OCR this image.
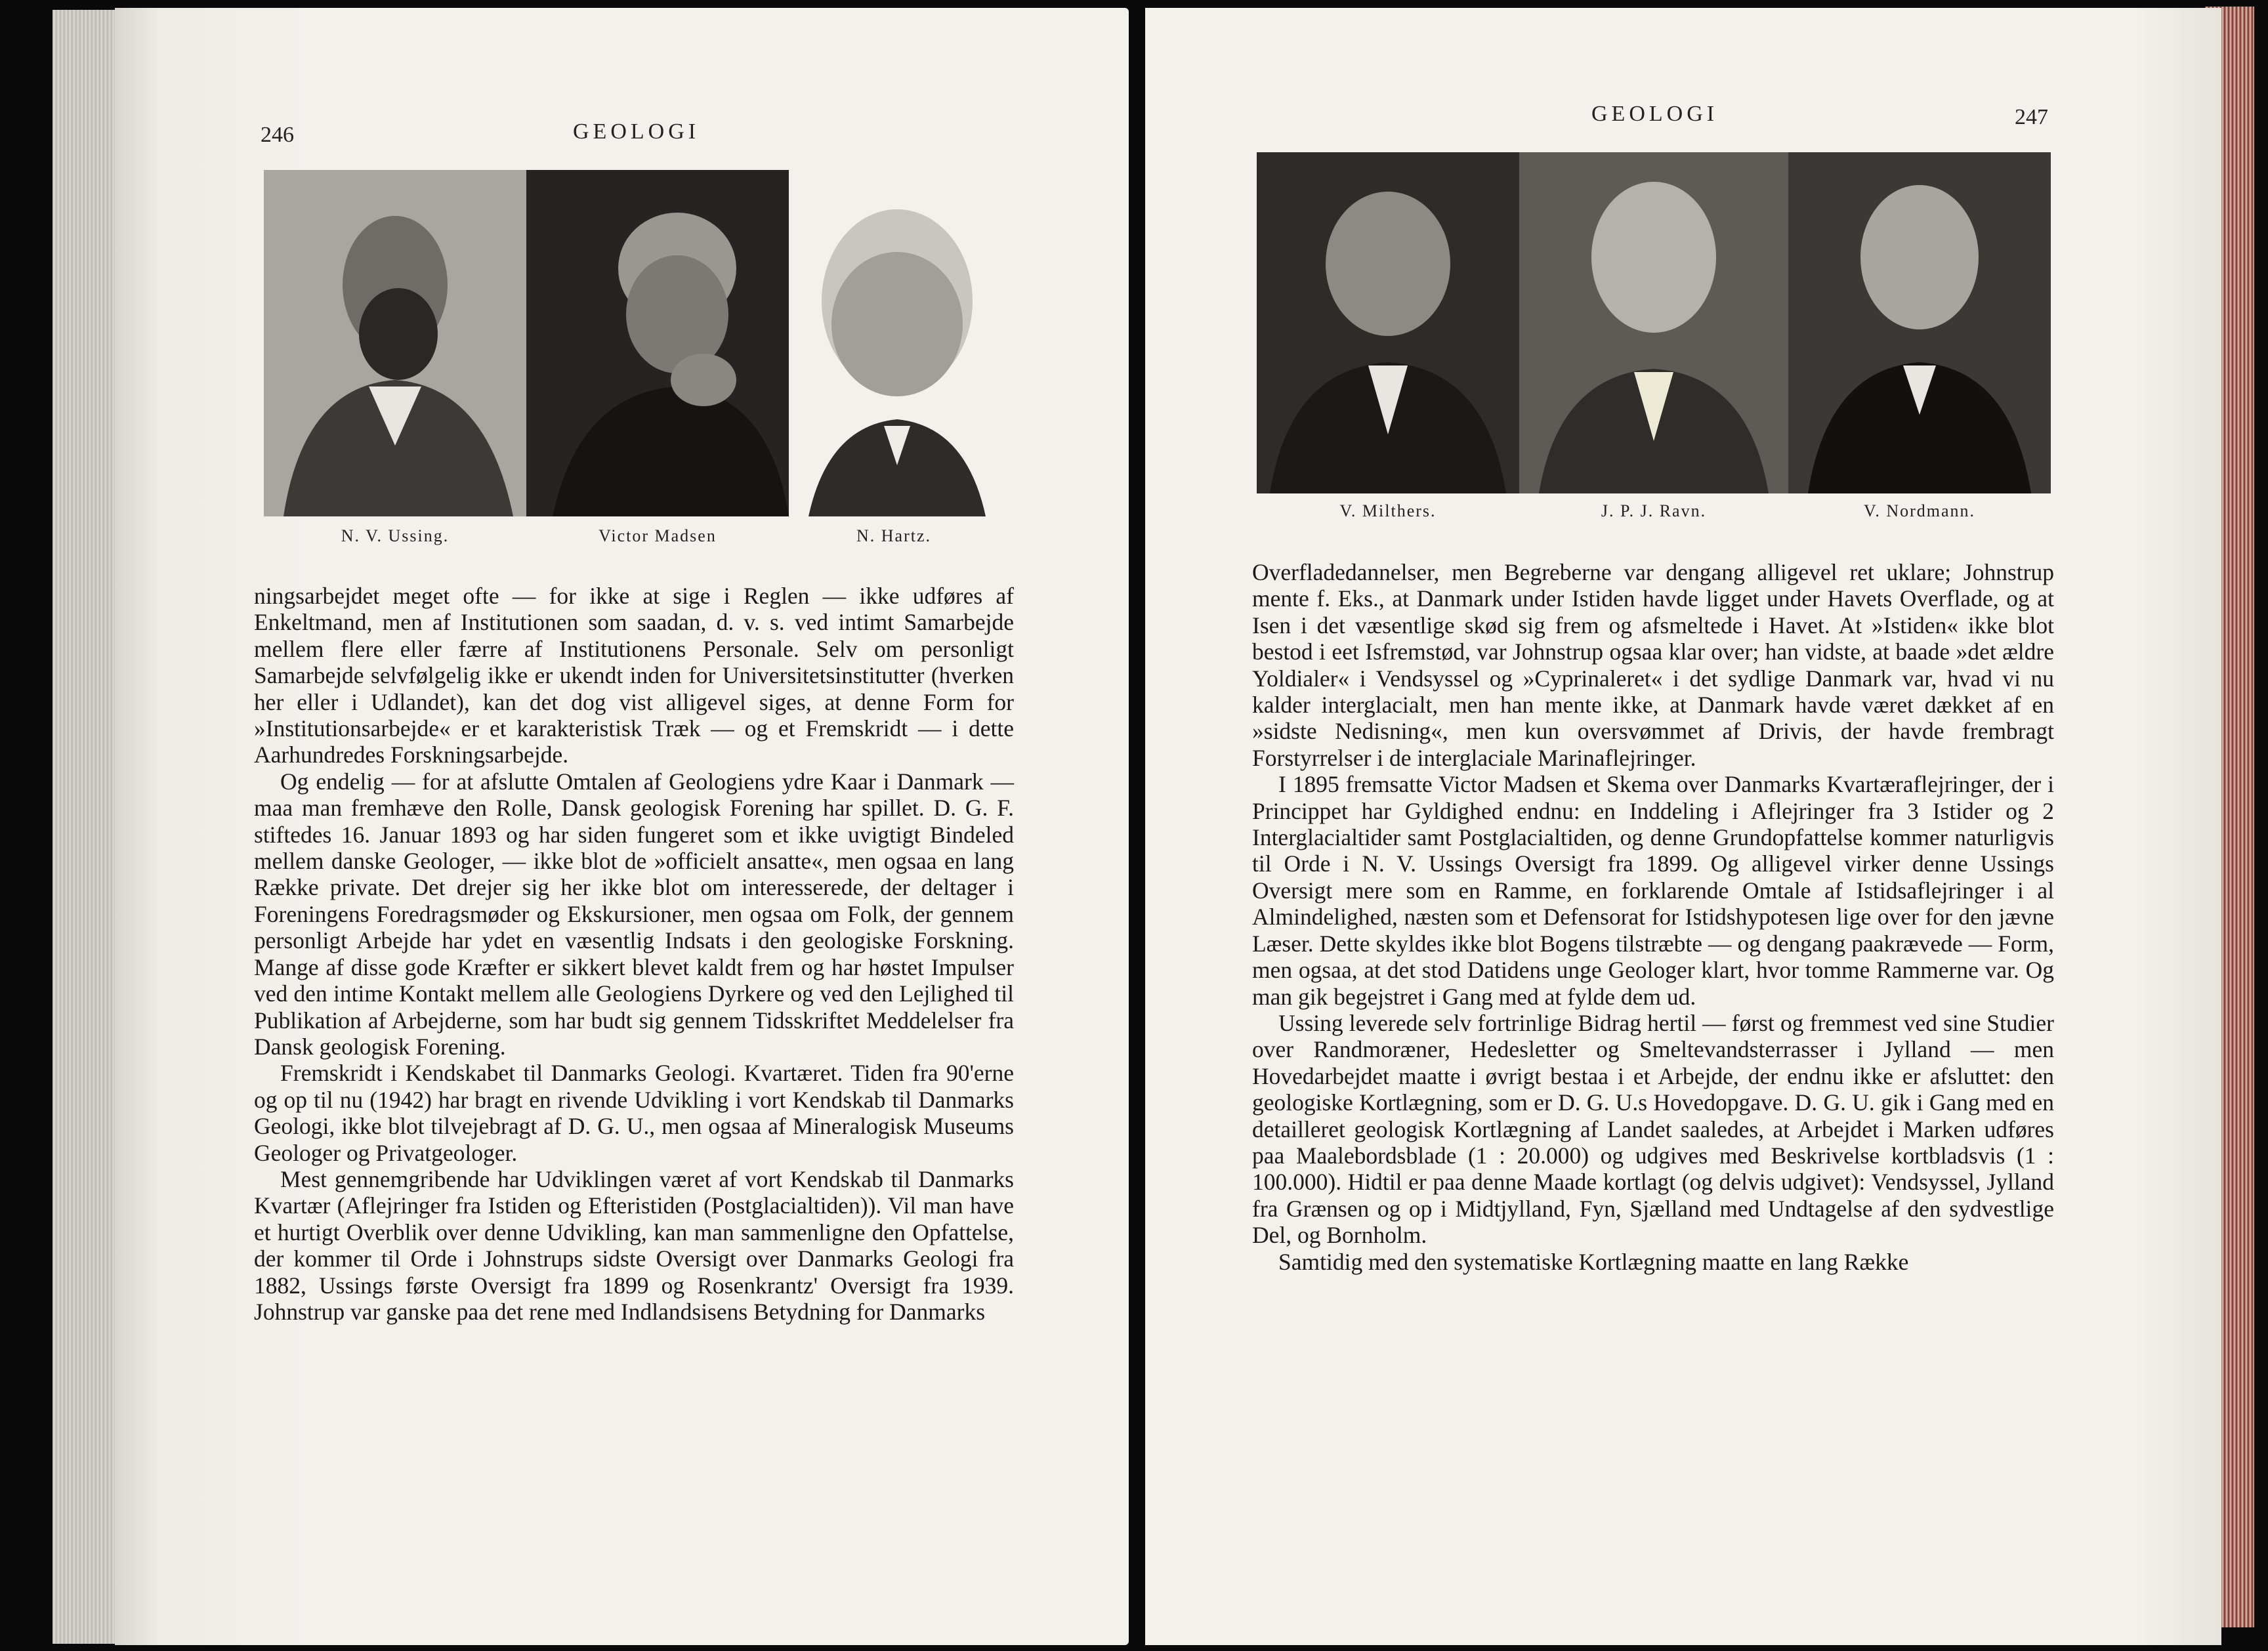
246	GEOLOGI
N. V. Ussing.	Victor Madsen	N. Hartz.

ningsarbejdet meget ofte — for ikke at sige i Reglen — ikke udføres af Enkeltmand, men af Institutionen som saadan, d. v. s. ved intimt Samarbejde mellem flere eller færre af Institutionens Personale. Selv om personligt Samarbejde selvfølgelig ikke er ukendt inden for Universitetsinstitutter (hverken her eller i Udlandet), kan det dog vist alligevel siges, at denne Form for »Institutionsarbejde« er et karakteristisk Træk — og et Fremskridt — i dette Aarhundredes Forskningsarbejde.

Og endelig — for at afslutte Omtalen af Geologiens ydre Kaar i Danmark — maa man fremhæve den Rolle, Dansk geologisk Forening har spillet. D. G. F. stiftedes 16. Januar 1893 og har siden fungeret som et ikke uvigtigt Bindeled mellem danske Geologer, — ikke blot de »officielt ansatte«, men ogsaa en lang Række private. Det drejer sig her ikke blot om interesserede, der deltager i Foreningens Foredragsmøder og Ekskursioner, men ogsaa om Folk, der gennem personligt Arbejde har ydet en væsentlig Indsats i den geologiske Forskning. Mange af disse gode Kræfter er sikkert blevet kaldt frem og har høstet Impulser ved den intime Kontakt mellem alle Geologiens Dyrkere og ved den Lejlighed til Publikation af Arbejderne, som har budt sig gennem Tidsskriftet Meddelelser fra Dansk geologisk Forening.

Fremskridt i Kendskabet til Danmarks Geologi. Kvartæret. Tiden fra 90'erne og op til nu (1942) har bragt en rivende Udvikling i vort Kendskab til Danmarks Geologi, ikke blot tilvejebragt af D. G. U., men ogsaa af Mineralogisk Museums Geologer og Privatgeologer.

Mest gennemgribende har Udviklingen været af vort Kendskab til Danmarks Kvartær (Aflejringer fra Istiden og Efteristiden (Postglacialtiden)). Vil man have et hurtigt Overblik over denne Udvikling, kan man sammenligne den Opfattelse, der kommer til Orde i Johnstrups sidste Oversigt over Danmarks Geologi fra 1882, Ussings første Oversigt fra 1899 og Rosenkrantz' Oversigt fra 1939. Johnstrup var ganske paa det rene med Indlandsisens Betydning for Danmarks

GEOLOGI	247
V. Milthers.	J. P. J. Ravn.	V. Nordmann.

Overfladedannelser, men Begreberne var dengang alligevel ret uklare; Johnstrup mente f. Eks., at Danmark under Istiden havde ligget under Havets Overflade, og at Isen i det væsentlige skød sig frem og afsmeltede i Havet. At »Istiden« ikke blot bestod i eet Isfremstød, var Johnstrup ogsaa klar over; han vidste, at baade »det ældre Yoldialer« i Vendsyssel og »Cyprinaleret« i det sydlige Danmark var, hvad vi nu kalder interglacialt, men han mente ikke, at Danmark havde været dækket af en »sidste Nedisning«, men kun oversvømmet af Drivis, der havde frembragt Forstyrrelser i de interglaciale Marinaflejringer.

I 1895 fremsatte Victor Madsen et Skema over Danmarks Kvartæraflejringer, der i Princippet har Gyldighed endnu: en Inddeling i Aflejringer fra 3 Istider og 2 Interglacialtider samt Postglacialtiden, og denne Grundopfattelse kommer naturligvis til Orde i N. V. Ussings Oversigt fra 1899. Og alligevel virker denne Ussings Oversigt mere som en Ramme, en forklarende Omtale af Istidsaflejringer i al Almindelighed, næsten som et Defensorat for Istidshypotesen lige over for den jævne Læser. Dette skyldes ikke blot Bogens tilstræbte — og dengang paakrævede — Form, men ogsaa, at det stod Datidens unge Geologer klart, hvor tomme Rammerne var. Og man gik begejstret i Gang med at fylde dem ud.

Ussing leverede selv fortrinlige Bidrag hertil — først og fremmest ved sine Studier over Randmoræner, Hedesletter og Smeltevandsterrasser i Jylland — men Hovedarbejdet maatte i øvrigt bestaa i et Arbejde, der endnu ikke er afsluttet: den geologiske Kortlægning, som er D. G. U.s Hovedopgave. D. G. U. gik i Gang med en detailleret geologisk Kortlægning af Landet saaledes, at Arbejdet i Marken udføres paa Maalebordsblade (1 : 20.000) og udgives med Beskrivelse kortbladsvis (1 : 100.000). Hidtil er paa denne Maade kortlagt (og delvis udgivet): Vendsyssel, Jylland fra Grænsen og op i Midtjylland, Fyn, Sjælland med Undtagelse af den sydvestlige Del, og Bornholm.

Samtidig med den systematiske Kortlægning maatte en lang Række
